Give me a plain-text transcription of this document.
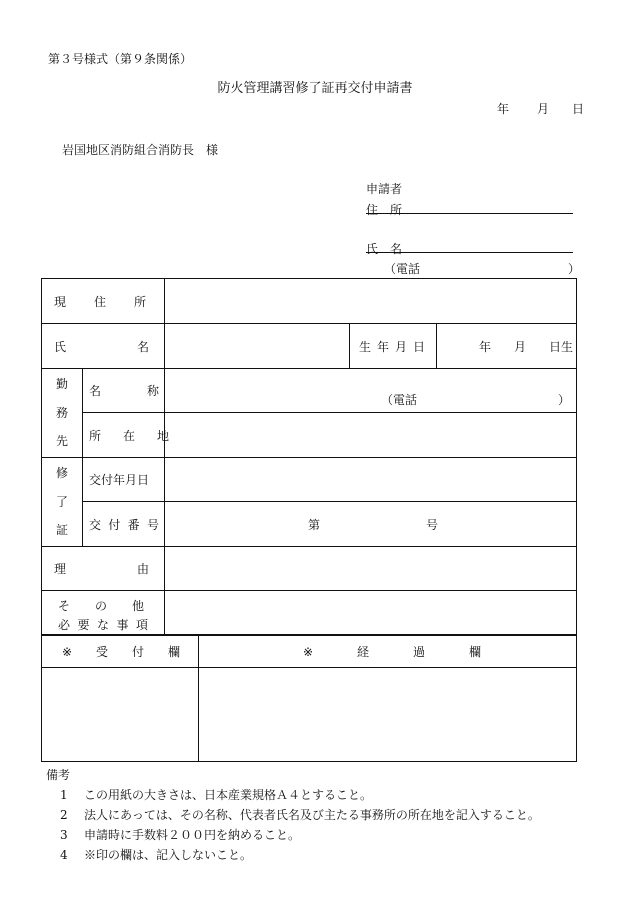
第３号様式（第９条関係）
防火管理講習修了証再交付申請書
年 月 日
岩国地区消防組合消防長　様
申請者
住 所
氏 名
（電話	）
現 住 所
氏	名	生 年 月 日	年 月 日生
勤
務
先
名	称
（電話	）
所 在 地
修
了
証
交付年月日
交 付 番 号	第	号
理	由
そ の 他
必 要 な 事 項
※ 受 付 欄	※	経	過	欄
備考
1 この用紙の大きさは、日本産業規格Ａ４とすること。
2 法人にあっては、その名称、代表者氏名及び主たる事務所の所在地を記入すること。
3 申請時に手数料２００円を納めること。
4 ※印の欄は、記入しないこと。
